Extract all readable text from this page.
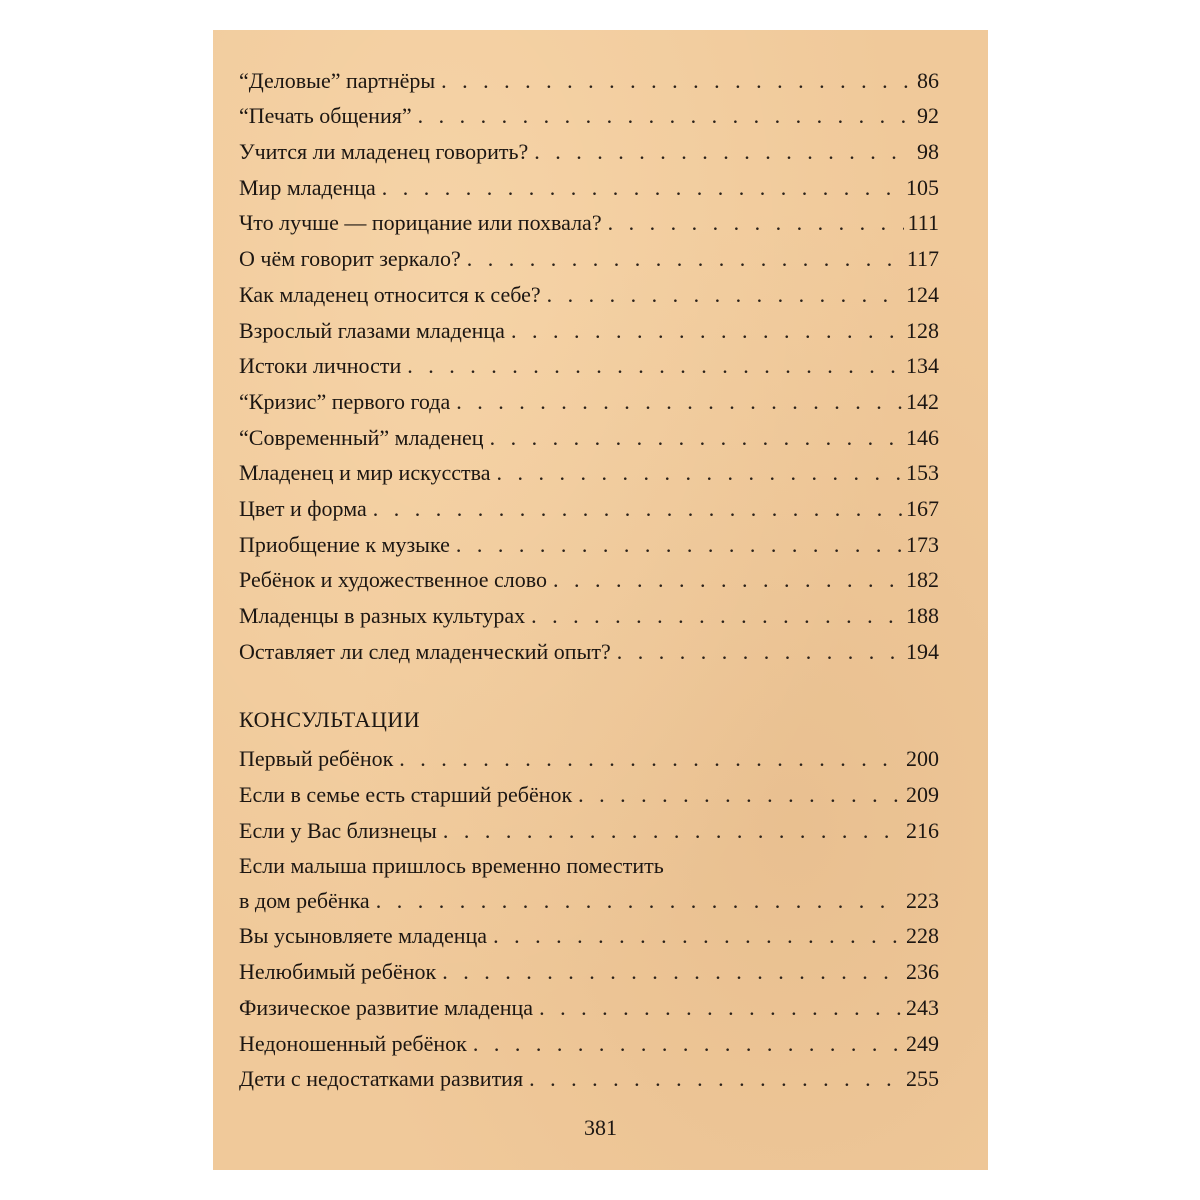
“Деловые” партнёры . . .	86
“Печать общения” . . .	92
Учится ли младенец говорить? . . .	98
Мир младенца . . .	105
Что лучше — порицание или похвала? . . .	111
О чём говорит зеркало? . . .	117
Как младенец относится к себе? . . .	124
Взрослый глазами младенца . . .	128
Истоки личности . . .	134
“Кризис” первого года . . .	142
“Современный” младенец . . .	146
Младенец и мир искусства . . .	153
Цвет и форма . . .	167
Приобщение к музыке . . .	173
Ребёнок и художественное слово . . .	182
Младенцы в разных культурах . . .	188
Оставляет ли след младенческий опыт? . . .	194
КОНСУЛЬТАЦИИ
Первый ребёнок . . .	200
Если в семье есть старший ребёнок . . .	209
Если у Вас близнецы . . .	216
Если малыша пришлось временно поместить
в дом ребёнка . . .	223
Вы усыновляете младенца . . .	228
Нелюбимый ребёнок . . .	236
Физическое развитие младенца . . .	243
Недоношенный ребёнок . . .	249
Дети с недостатками развития . . .	255
381
